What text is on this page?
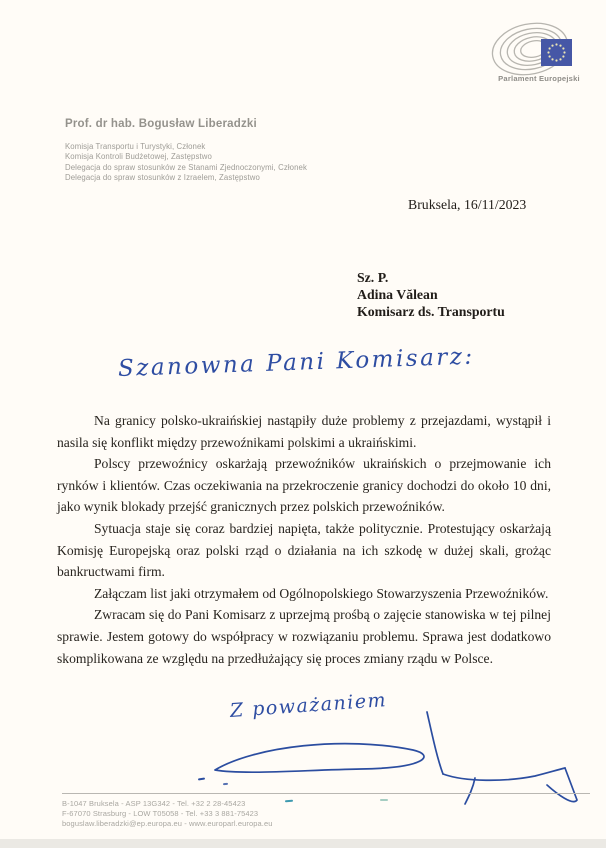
Prof. dr hab. Bogusław Liberadzki
Komisja Transportu i Turystyki, Członek
Komisja Kontroli Budżetowej, Zastępstwo
Delegacja do spraw stosunków ze Stanami Zjednoczonymi, Członek
Delegacja do spraw stosunków z Izraelem, Zastępstwo
Parlament Europejski
Bruksela, 16/11/2023
Sz. P.
Adina Vălean
Komisarz ds. Transportu
Szanowna Pani Komisarz:

Na granicy polsko-ukraińskiej nastąpiły duże problemy z przejazdami, wystąpił i nasila się konflikt między przewoźnikami polskimi a ukraińskimi.

Polscy przewoźnicy oskarżają przewoźników ukraińskich o przejmowanie ich rynków i klientów. Czas oczekiwania na przekroczenie granicy dochodzi do około 10 dni, jako wynik blokady przejść granicznych przez polskich przewoźników.

Sytuacja staje się coraz bardziej napięta, także politycznie. Protestujący oskarżają Komisję Europejską oraz polski rząd o działania na ich szkodę w dużej skali, grożąc bankructwami firm.

Załączam list jaki otrzymałem od Ogólnopolskiego Stowarzyszenia Przewoźników.

Zwracam się do Pani Komisarz z uprzejmą prośbą o zajęcie stanowiska w tej pilnej sprawie. Jestem gotowy do współpracy w rozwiązaniu problemu. Sprawa jest dodatkowo skomplikowana ze względu na przedłużający się proces zmiany rządu w Polsce.

Z poważaniem
B-1047 Bruksela - ASP 13G342 - Tel. +32 2 28-45423
F-67070 Strasburg - LOW T05058 - Tel. +33 3 881-75423
boguslaw.liberadzki@ep.europa.eu - www.europarl.europa.eu
